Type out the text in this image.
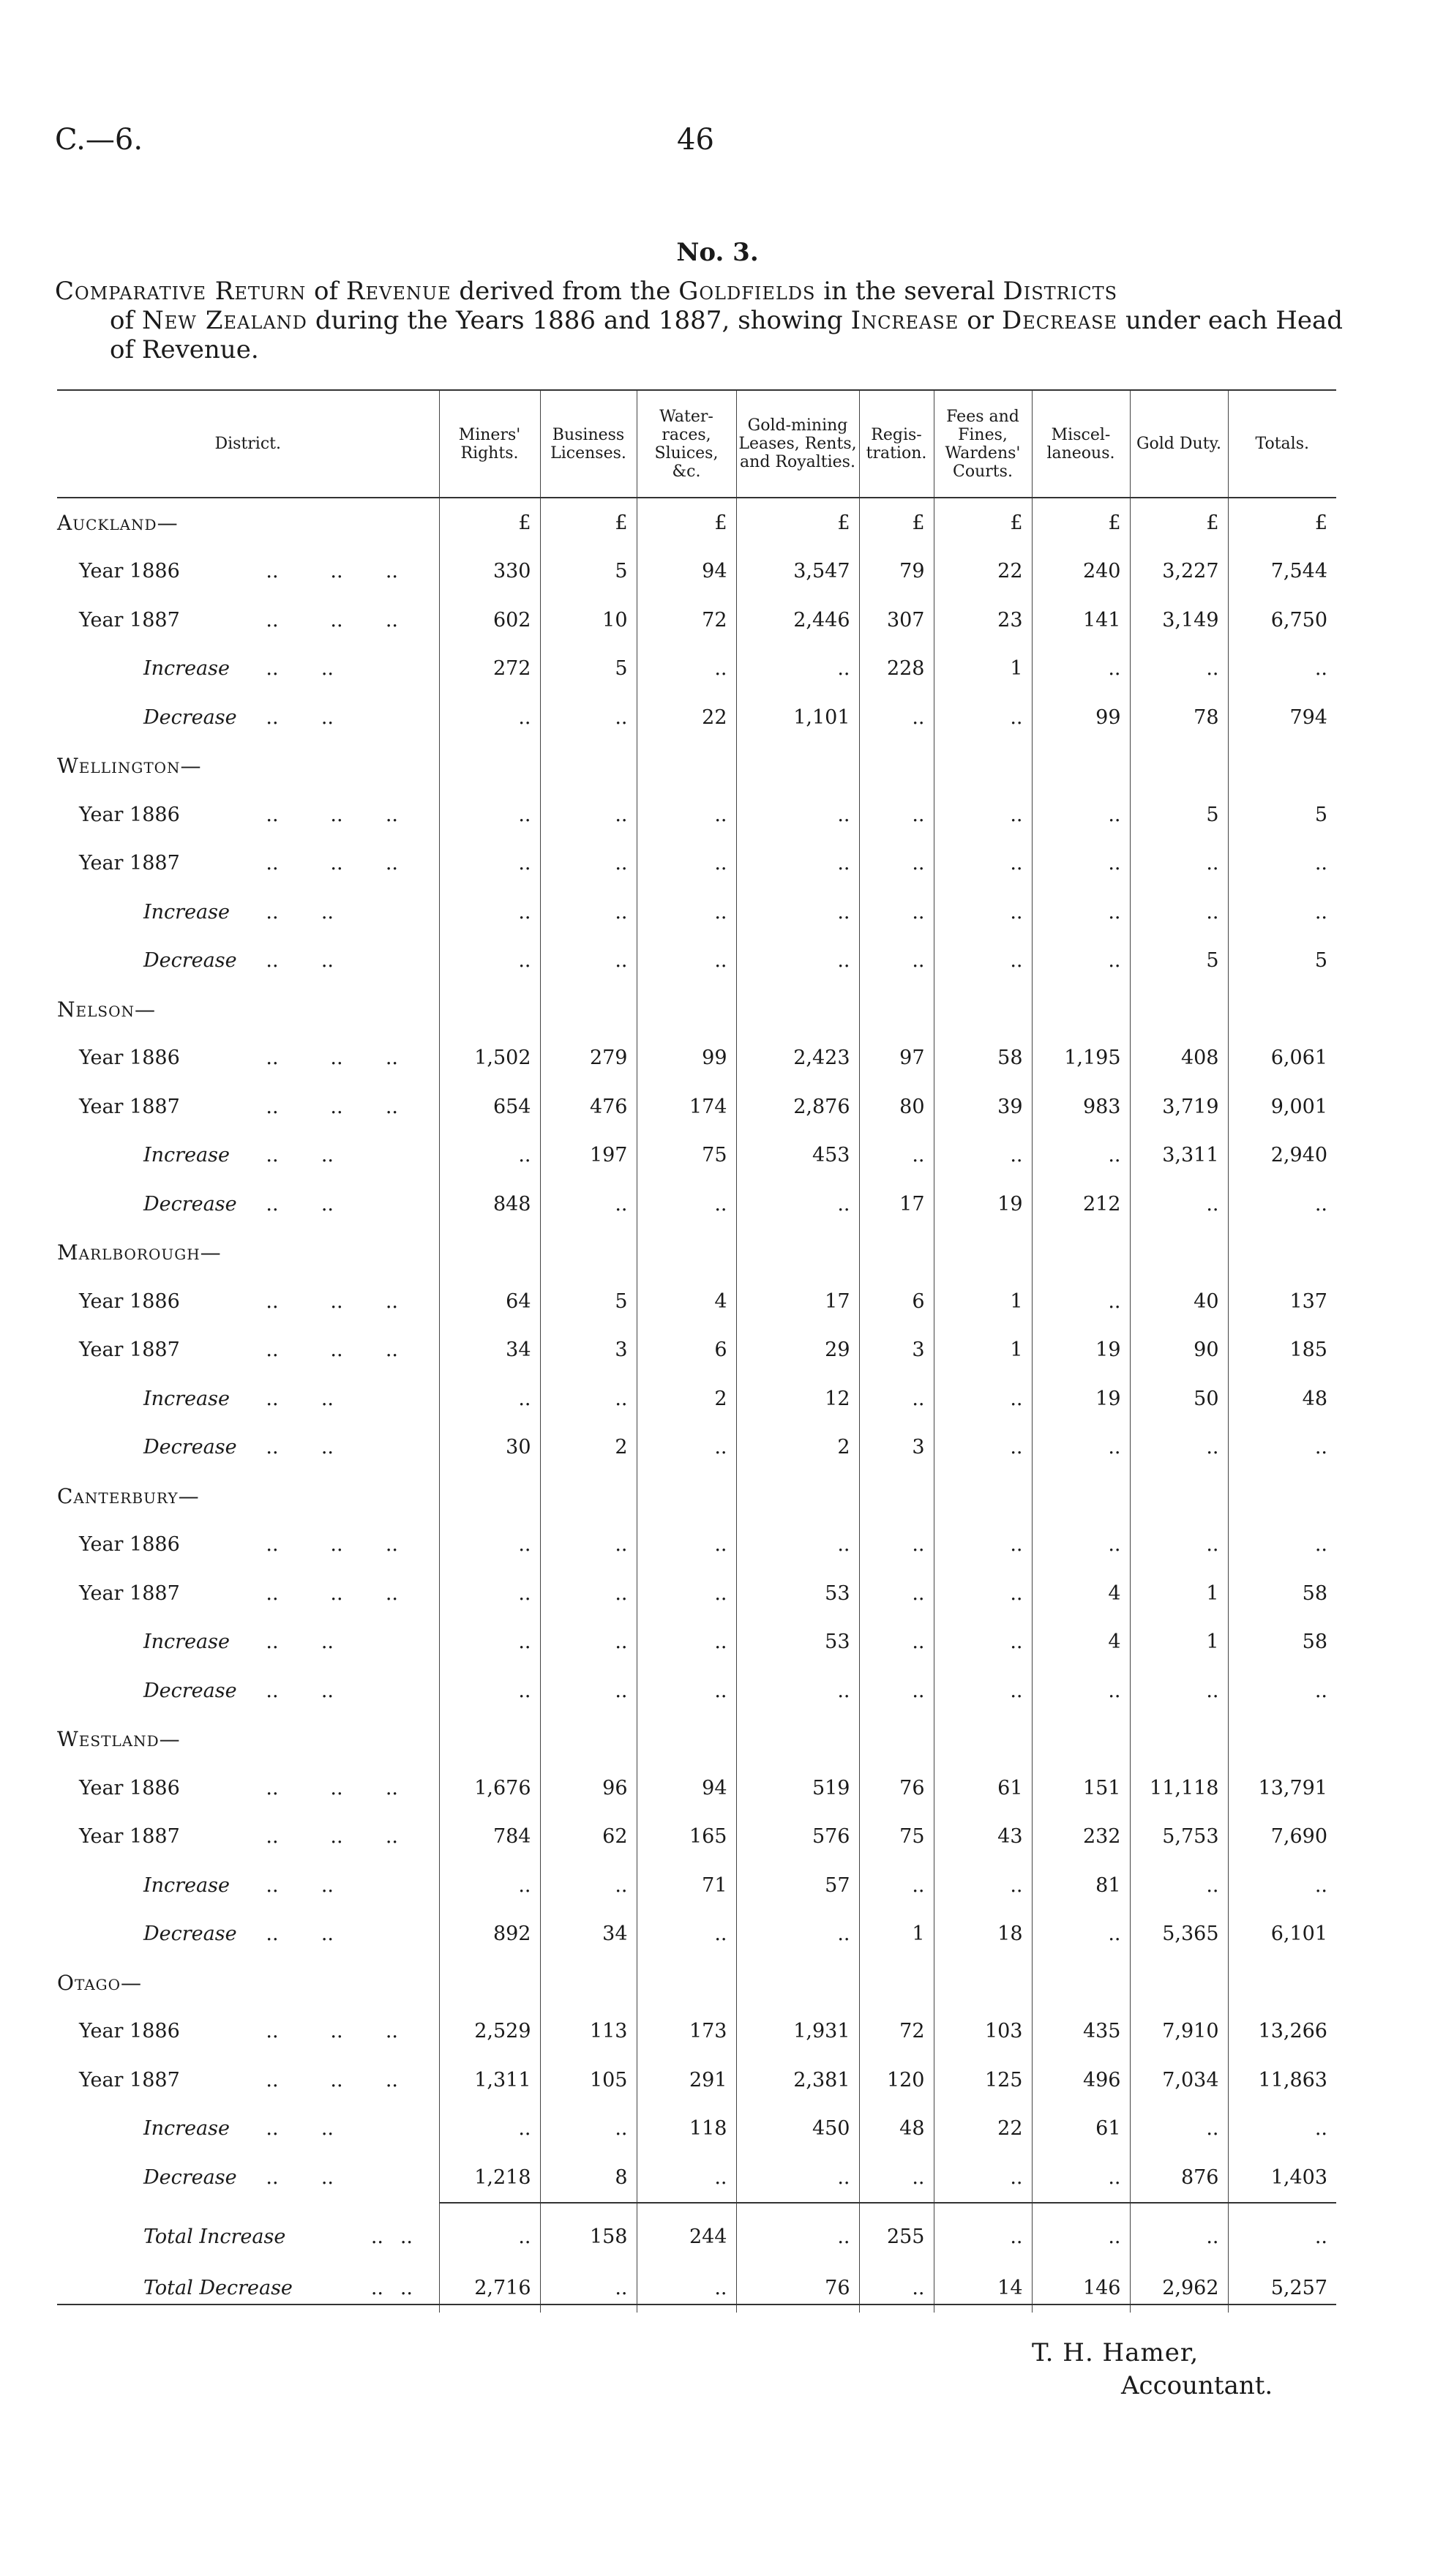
C.—6.	46
No. 3.
Comparative Return of Revenue derived from the Goldfields in the several Districts
of New Zealand during the Years 1886 and 1887, showing Increase or Decrease under each Head of Revenue.
District.	Miners' Rights.	Business Licenses.	Water-races, Sluices, &c.	Gold-mining Leases, Rents, and Royalties.	Regis-tration.	Fees and Fines, Wardens' Courts.	Miscel-laneous.	Gold Duty.	Totals.
Auckland—	£	£	£	£	£	£	£	£	£
Year 1886 .. .. ..	330	5	94	3,547	79	22	240	3,227	7,544
Year 1887 .. .. ..	602	10	72	2,446	307	23	141	3,149	6,750
Increase .. ..	272	5	..	..	228	1	..	..	..
Decrease .. ..	..	..	22	1,101	..	..	99	78	794
Wellington—									
Year 1886 .. .. ..	..	..	..	..	..	..	..	5	5
Year 1887 .. .. ..	..	..	..	..	..	..	..	..	..
Increase .. ..	..	..	..	..	..	..	..	..	..
Decrease .. ..	..	..	..	..	..	..	..	5	5
Nelson—									
Year 1886 .. .. ..	1,502	279	99	2,423	97	58	1,195	408	6,061
Year 1887 .. .. ..	654	476	174	2,876	80	39	983	3,719	9,001
Increase .. ..	..	197	75	453	..	..	..	3,311	2,940
Decrease .. ..	848	..	..	..	17	19	212	..	..
Marlborough—									
Year 1886 .. .. ..	64	5	4	17	6	1	..	40	137
Year 1887 .. .. ..	34	3	6	29	3	1	19	90	185
Increase .. ..	..	..	2	12	..	..	19	50	48
Decrease .. ..	30	2	..	2	3	..	..	..	..
Canterbury—									
Year 1886 .. .. ..	..	..	..	..	..	..	..	..	..
Year 1887 .. .. ..	..	..	..	53	..	..	4	1	58
Increase .. ..	..	..	..	53	..	..	4	1	58
Decrease .. ..	..	..	..	..	..	..	..	..	..
Westland—									
Year 1886 .. .. ..	1,676	96	94	519	76	61	151	11,118	13,791
Year 1887 .. .. ..	784	62	165	576	75	43	232	5,753	7,690
Increase .. ..	..	..	71	57	..	..	81	..	..
Decrease .. ..	892	34	..	..	1	18	..	5,365	6,101
Otago—									
Year 1886 .. .. ..	2,529	113	173	1,931	72	103	435	7,910	13,266
Year 1887 .. .. ..	1,311	105	291	2,381	120	125	496	7,034	11,863
Increase .. ..	..	..	118	450	48	22	61	..	..
Decrease .. ..	1,218	8	..	..	..	..	..	876	1,403
Total Increase .. ..	..	158	244	..	255	..	..	..	..
Total Decrease .. ..	2,716	..	..	76	..	14	146	2,962	5,257
T. H. Hamer,
Accountant.
